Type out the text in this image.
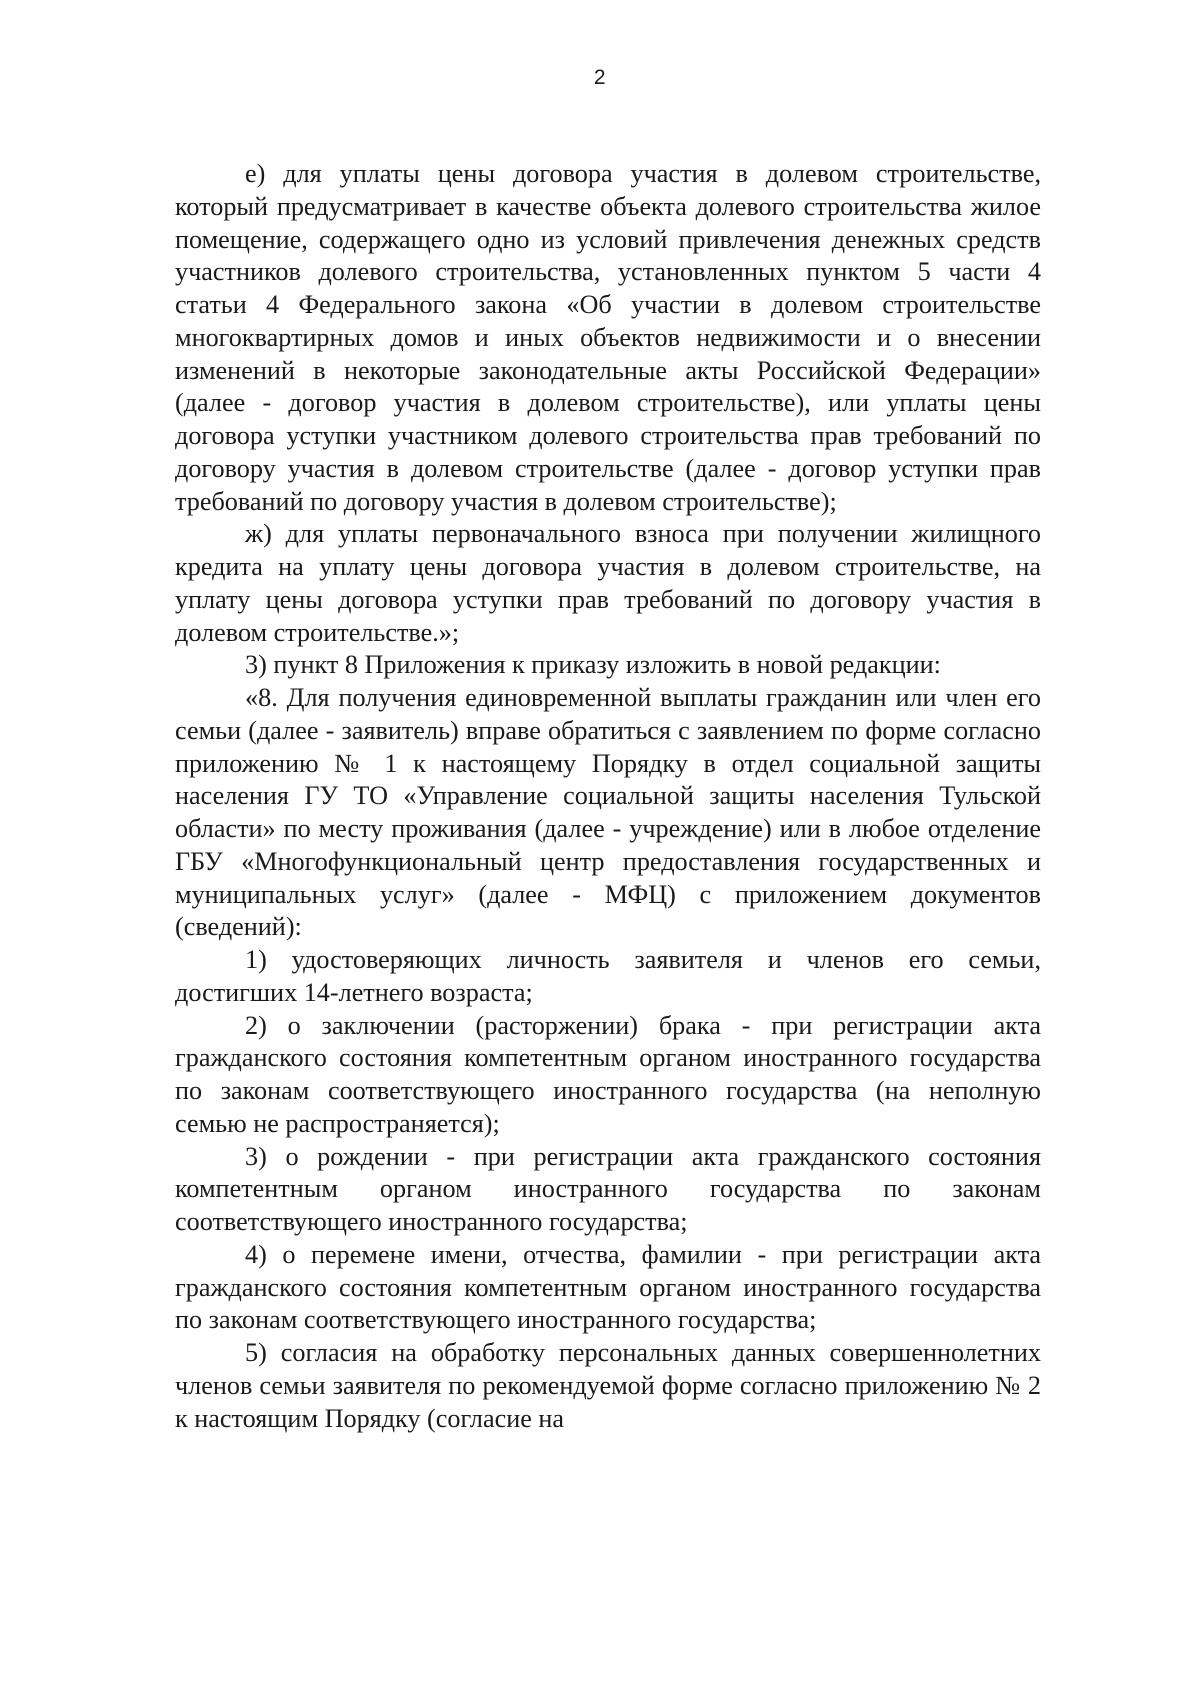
2

е) для уплаты цены договора участия в долевом строительстве, который предусматривает в качестве объекта долевого строительства жилое помещение, содержащего одно из условий привлечения денежных средств участников долевого строительства, установленных пунктом 5 части 4 статьи 4 Федерального закона «Об участии в долевом строительстве многоквартирных домов и иных объектов недвижимости и о внесении изменений в некоторые законодательные акты Российской Федерации» (далее - договор участия в долевом строительстве), или уплаты цены договора уступки участником долевого строительства прав требований по договору участия в долевом строительстве (далее - договор уступки прав требований по договору участия в долевом строительстве);

ж) для уплаты первоначального взноса при получении жилищного кредита на уплату цены договора участия в долевом строительстве, на уплату цены договора уступки прав требований по договору участия в долевом строительстве.»;

3) пункт 8 Приложения к приказу изложить в новой редакции:

«8. Для получения единовременной выплаты гражданин или член его семьи (далее - заявитель) вправе обратиться с заявлением по форме согласно приложению № 1 к настоящему Порядку в отдел социальной защиты населения ГУ ТО «Управление социальной защиты населения Тульской области» по месту проживания (далее - учреждение) или в любое отделение ГБУ «Многофункциональный центр предоставления государственных и муниципальных услуг» (далее - МФЦ) с приложением документов (сведений):

1) удостоверяющих личность заявителя и членов его семьи, достигших 14-летнего возраста;

2) о заключении (расторжении) брака - при регистрации акта гражданского состояния компетентным органом иностранного государства по законам соответствующего иностранного государства (на неполную семью не распространяется);

3) о рождении - при регистрации акта гражданского состояния компетентным органом иностранного государства по законам соответствующего иностранного государства;

4) о перемене имени, отчества, фамилии - при регистрации акта гражданского состояния компетентным органом иностранного государства по законам соответствующего иностранного государства;

5) согласия на обработку персональных данных совершеннолетних членов семьи заявителя по рекомендуемой форме согласно приложению № 2 к настоящим Порядку (согласие на
